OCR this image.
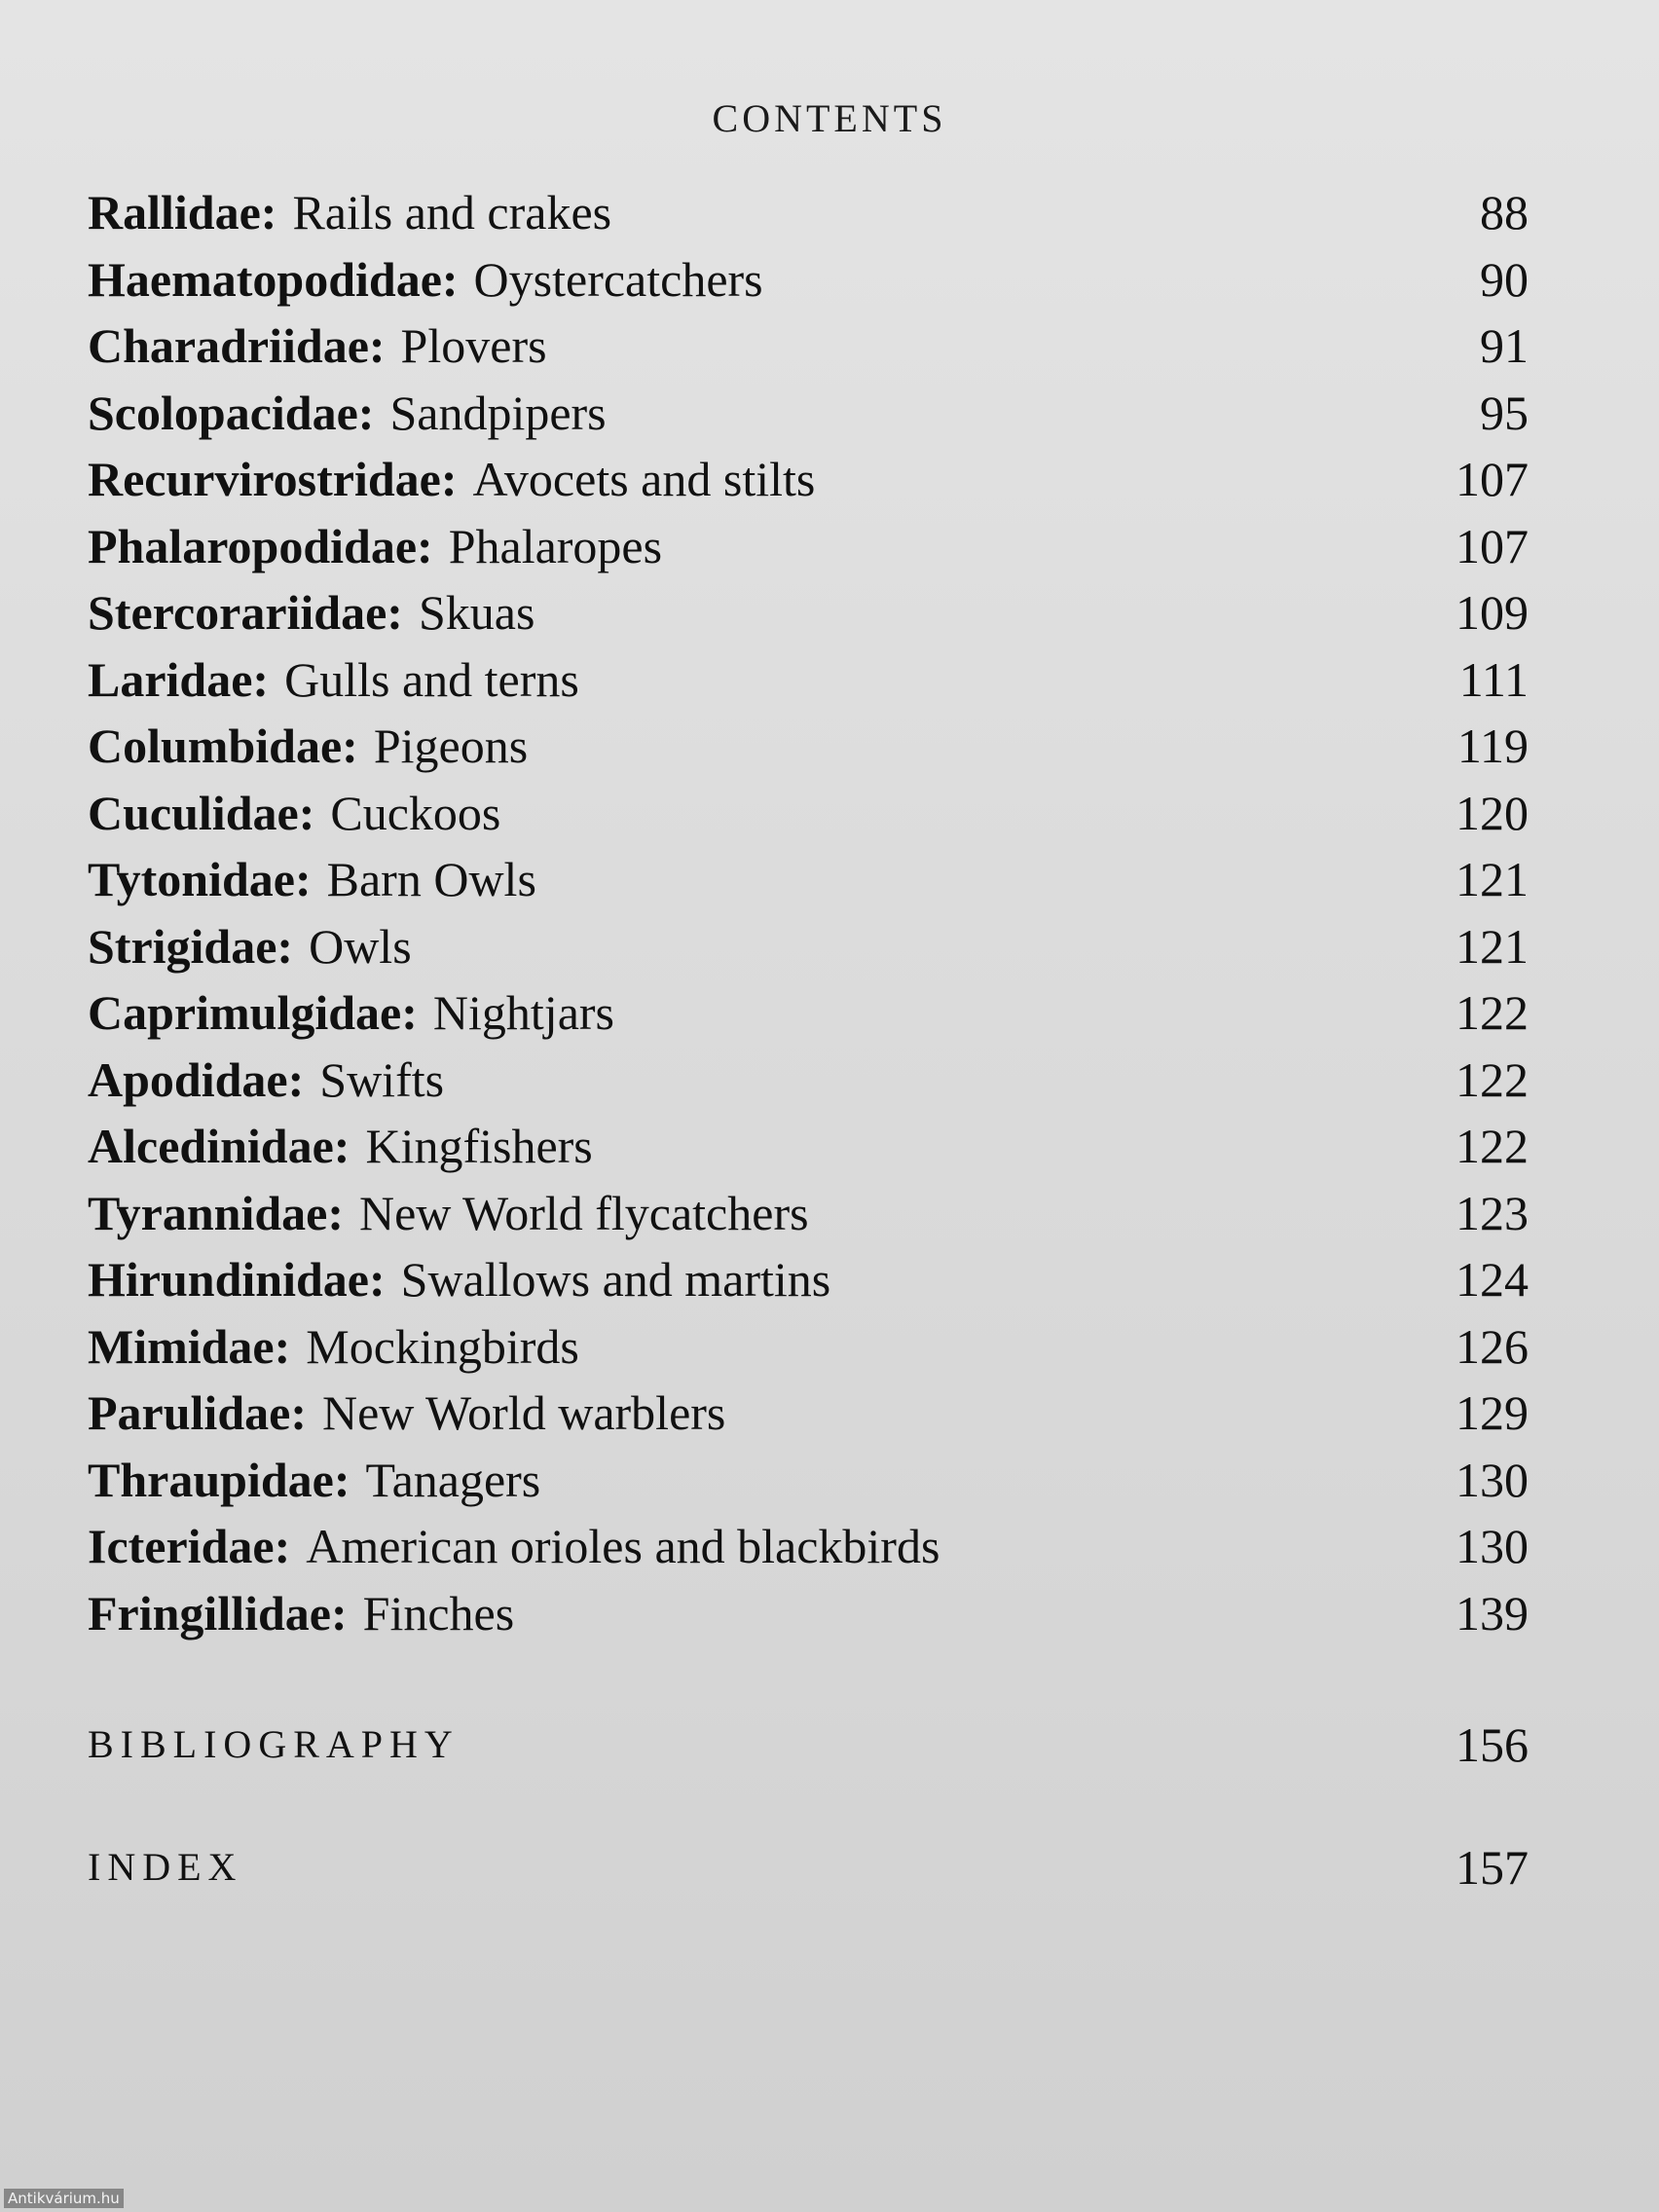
CONTENTS
Rallidae: Rails and crakes	88
Haematopodidae: Oystercatchers	90
Charadriidae: Plovers	91
Scolopacidae: Sandpipers	95
Recurvirostridae: Avocets and stilts	107
Phalaropodidae: Phalaropes	107
Stercorariidae: Skuas	109
Laridae: Gulls and terns	111
Columbidae: Pigeons	119
Cuculidae: Cuckoos	120
Tytonidae: Barn Owls	121
Strigidae: Owls	121
Caprimulgidae: Nightjars	122
Apodidae: Swifts	122
Alcedinidae: Kingfishers	122
Tyrannidae: New World flycatchers	123
Hirundinidae: Swallows and martins	124
Mimidae: Mockingbirds	126
Parulidae: New World warblers	129
Thraupidae: Tanagers	130
Icteridae: American orioles and blackbirds	130
Fringillidae: Finches	139
BIBLIOGRAPHY	156
INDEX	157
Antikvárium.hu
